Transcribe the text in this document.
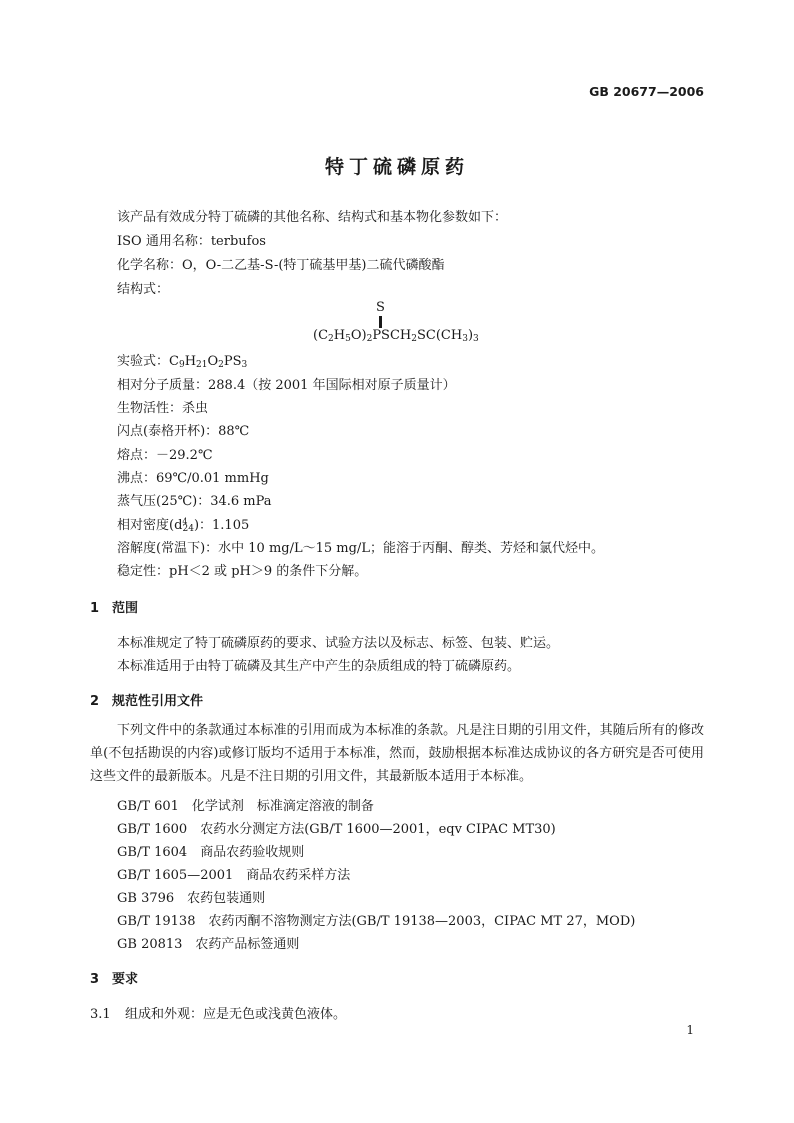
GB 20677—2006
特丁硫磷原药
该产品有效成分特丁硫磷的其他名称、结构式和基本物化参数如下：
ISO 通用名称：terbufos
化学名称：O，O-二乙基-S-(特丁硫基甲基)二硫代磷酸酯
结构式：
S
$(C_2H_5O)_2PSCH_2SC(CH_3)_3$
实验式：$C_9H_{21}O_2PS_3$
相对分子质量：288.4（按 2001 年国际相对原子质量计）
生物活性：杀虫
闪点(泰格开杯)：88℃
熔点：－29.2℃
沸点：69℃/0.01 mmHg
蒸气压(25℃)：34.6 mPa
相对密度$(d^4_{24})$：1.105
溶解度(常温下)：水中 10 mg/L～15 mg/L；能溶于丙酮、醇类、芳烃和氯代烃中。
稳定性：pH＜2 或 pH＞9 的条件下分解。
1 范围
本标准规定了特丁硫磷原药的要求、试验方法以及标志、标签、包装、贮运。
本标准适用于由特丁硫磷及其生产中产生的杂质组成的特丁硫磷原药。
2 规范性引用文件
下列文件中的条款通过本标准的引用而成为本标准的条款。凡是注日期的引用文件，其随后所有的修改单(不包括勘误的内容)或修订版均不适用于本标准，然而，鼓励根据本标准达成协议的各方研究是否可使用这些文件的最新版本。凡是不注日期的引用文件，其最新版本适用于本标准。
GB/T 601　化学试剂　标准滴定溶液的制备
GB/T 1600　农药水分测定方法(GB/T 1600—2001，eqv CIPAC MT30)
GB/T 1604　商品农药验收规则
GB/T 1605—2001　商品农药采样方法
GB 3796　农药包装通则
GB/T 19138　农药丙酮不溶物测定方法(GB/T 19138—2003，CIPAC MT 27，MOD)
GB 20813　农药产品标签通则
3 要求
3.1 组成和外观：应是无色或浅黄色液体。
1
